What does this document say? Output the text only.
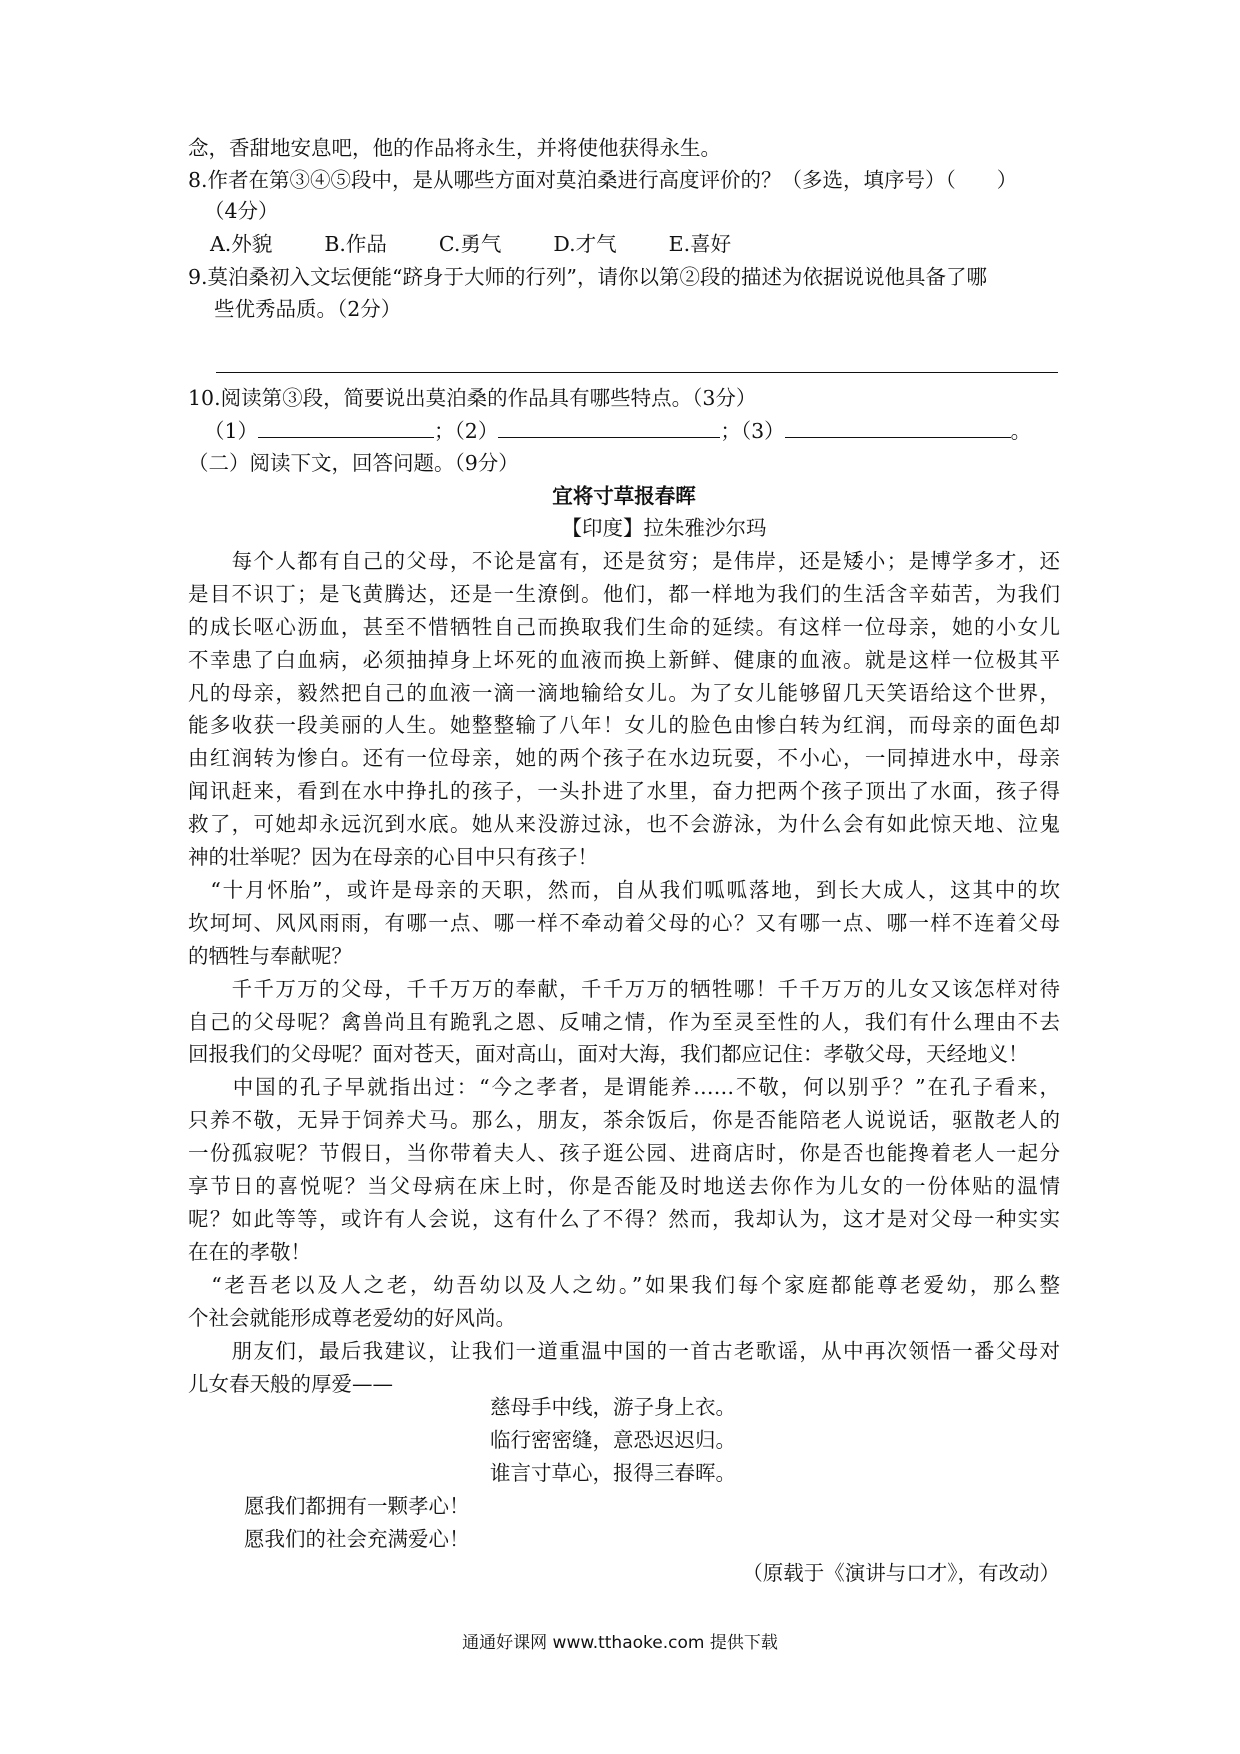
念，香甜地安息吧，他的作品将永生，并将使他获得永生。
8.作者在第③④⑤段中，是从哪些方面对莫泊桑进行高度评价的？（多选，填序号）（　　）
（4分）
A.外貌	B.作品	C.勇气	D.才气	E.喜好
9.莫泊桑初入文坛便能“跻身于大师的行列”，请你以第②段的描述为依据说说他具备了哪
些优秀品质。（2分）
10.阅读第③段，简要说出莫泊桑的作品具有哪些特点。（3分）
（1）	；（2）	；（3）	。
（二）阅读下文，回答问题。（9分）
宜将寸草报春晖
【印度】拉朱雅沙尔玛
　　每个人都有自己的父母，不论是富有，还是贫穷；是伟岸，还是矮小；是博学多才，还
是目不识丁；是飞黄腾达，还是一生潦倒。他们，都一样地为我们的生活含辛茹苦，为我们
的成长呕心沥血，甚至不惜牺牲自己而换取我们生命的延续。有这样一位母亲，她的小女儿
不幸患了白血病，必须抽掉身上坏死的血液而换上新鲜、健康的血液。就是这样一位极其平
凡的母亲，毅然把自己的血液一滴一滴地输给女儿。为了女儿能够留几天笑语给这个世界，
能多收获一段美丽的人生。她整整输了八年！女儿的脸色由惨白转为红润，而母亲的面色却
由红润转为惨白。还有一位母亲，她的两个孩子在水边玩耍，不小心，一同掉进水中，母亲
闻讯赶来，看到在水中挣扎的孩子，一头扑进了水里，奋力把两个孩子顶出了水面，孩子得
救了，可她却永远沉到水底。她从来没游过泳，也不会游泳，为什么会有如此惊天地、泣鬼
神的壮举呢？因为在母亲的心目中只有孩子！
　“十月怀胎”，或许是母亲的天职，然而，自从我们呱呱落地，到长大成人，这其中的坎
坎坷坷、风风雨雨，有哪一点、哪一样不牵动着父母的心？又有哪一点、哪一样不连着父母
的牺牲与奉献呢？
　　千千万万的父母，千千万万的奉献，千千万万的牺牲哪！千千万万的儿女又该怎样对待
自己的父母呢？禽兽尚且有跪乳之恩、反哺之情，作为至灵至性的人，我们有什么理由不去
回报我们的父母呢？面对苍天，面对高山，面对大海，我们都应记住：孝敬父母，天经地义！
　　中国的孔子早就指出过：“今之孝者，是谓能养……不敬，何以别乎？”在孔子看来，
只养不敬，无异于饲养犬马。那么，朋友，茶余饭后，你是否能陪老人说说话，驱散老人的
一份孤寂呢？节假日，当你带着夫人、孩子逛公园、进商店时，你是否也能搀着老人一起分
享节日的喜悦呢？当父母病在床上时，你是否能及时地送去你作为儿女的一份体贴的温情
呢？如此等等，或许有人会说，这有什么了不得？然而，我却认为，这才是对父母一种实实
在在的孝敬！
　“老吾老以及人之老，幼吾幼以及人之幼。”如果我们每个家庭都能尊老爱幼，那么整
个社会就能形成尊老爱幼的好风尚。
　　朋友们，最后我建议，让我们一道重温中国的一首古老歌谣，从中再次领悟一番父母对
儿女春天般的厚爱——
慈母手中线，游子身上衣。
临行密密缝，意恐迟迟归。
谁言寸草心，报得三春晖。
愿我们都拥有一颗孝心！
愿我们的社会充满爱心！
（原载于《演讲与口才》，有改动）
通通好课网 www.tthaoke.com 提供下载
